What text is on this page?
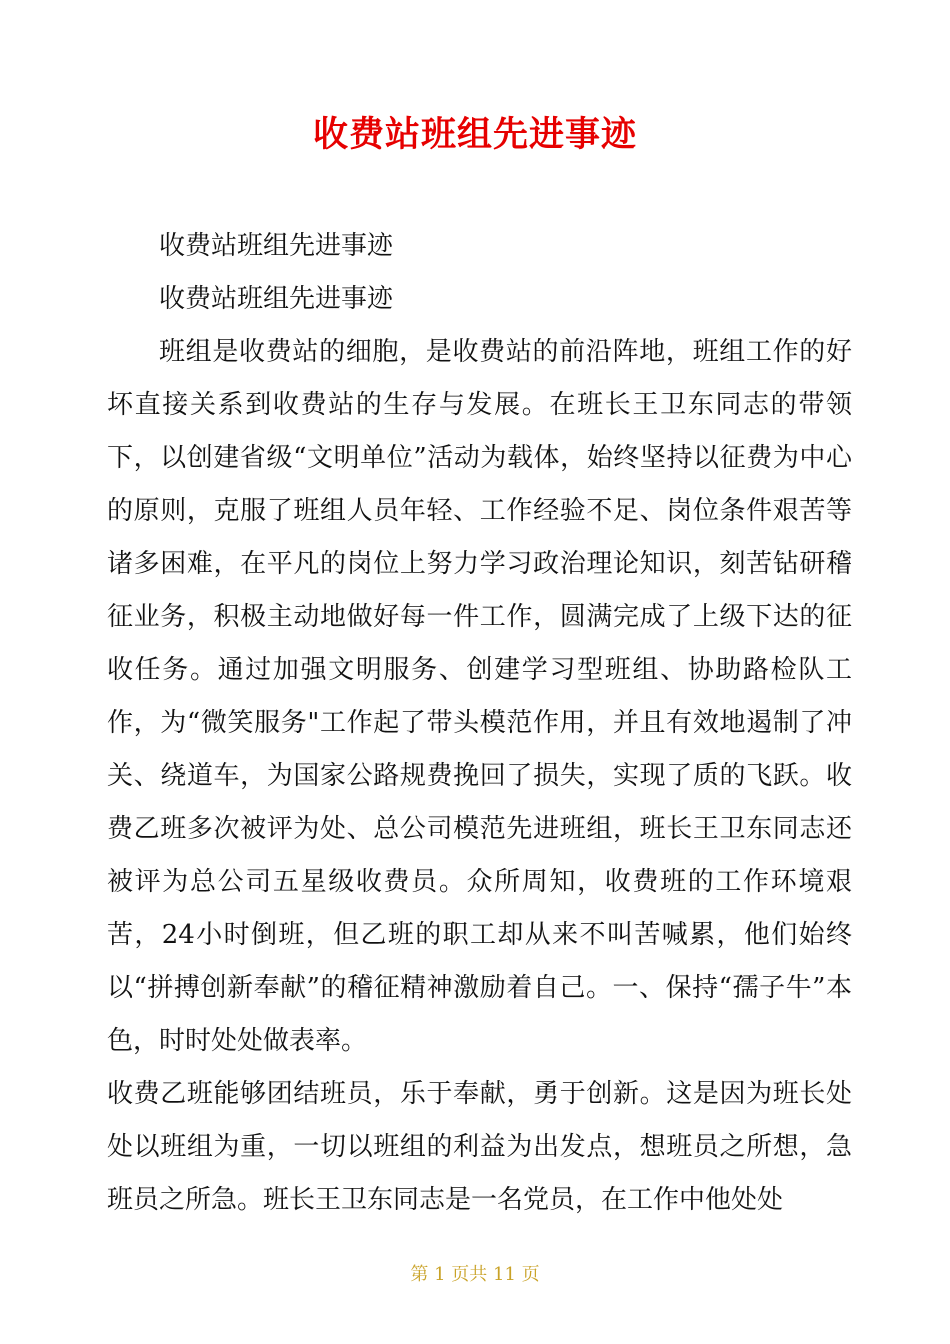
收费站班组先进事迹

收费站班组先进事迹

收费站班组先进事迹

班组是收费站的细胞，是收费站的前沿阵地，班组工作的好坏直接关系到收费站的生存与发展。在班长王卫东同志的带领下，以创建省级“文明单位”活动为载体，始终坚持以征费为中心的原则，克服了班组人员年轻、工作经验不足、岗位条件艰苦等诸多困难，在平凡的岗位上努力学习政治理论知识，刻苦钻研稽征业务，积极主动地做好每一件工作，圆满完成了上级下达的征收任务。通过加强文明服务、创建学习型班组、协助路检队工作，为“微笑服务"工作起了带头模范作用，并且有效地遏制了冲关、绕道车，为国家公路规费挽回了损失，实现了质的飞跃。收费乙班多次被评为处、总公司模范先进班组，班长王卫东同志还被评为总公司五星级收费员。众所周知，收费班的工作环境艰苦，24小时倒班，但乙班的职工却从来不叫苦喊累，他们始终以“拼搏创新奉献”的稽征精神激励着自己。一、保持“孺子牛”本色，时时处处做表率。

收费乙班能够团结班员，乐于奉献，勇于创新。这是因为班长处处以班组为重，一切以班组的利益为出发点，想班员之所想，急班员之所急。班长王卫东同志是一名党员，在工作中他处处

第 1 页共 11 页
